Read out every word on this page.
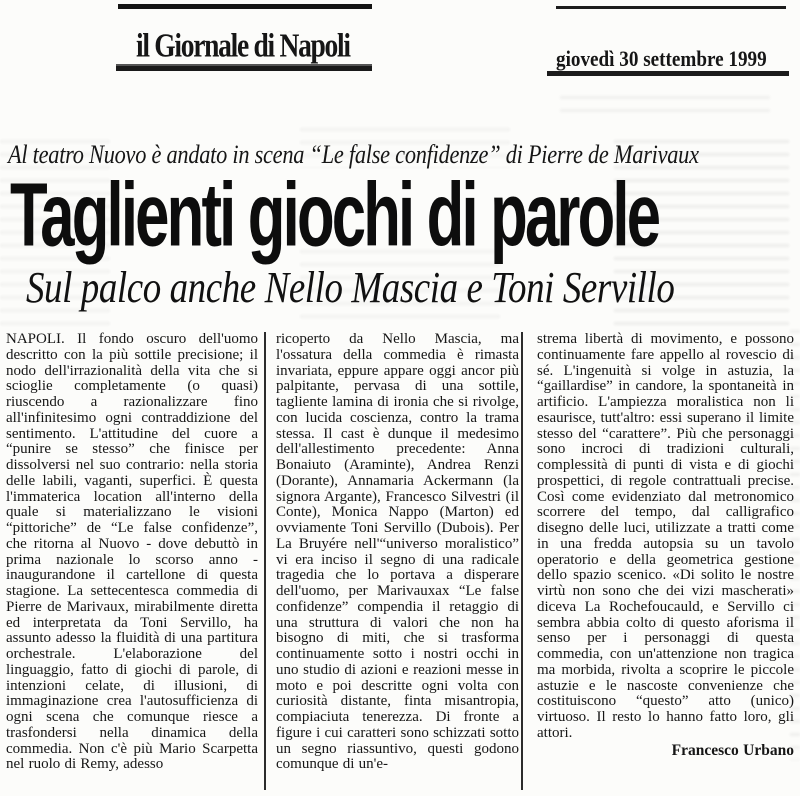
il Giornale di Napoli	giovedì 30 settembre 1999
Al teatro Nuovo è andato in scena “Le false confidenze” di Pierre de Marivaux
Taglienti giochi di parole
Sul palco anche Nello Mascia e Toni Servillo
NAPOLI. Il fondo oscuro dell'uomo descritto con la più sottile precisione; il nodo dell'irrazionalità della vita che si scioglie completamente (o quasi) riuscendo a razionalizzare fino all'infinitesimo ogni contraddizione del sentimento. L'attitudine del cuore a “punire se stesso” che finisce per dissolversi nel suo contrario: nella storia delle labili, vaganti, superfici. È questa l'immaterica location all'interno della quale si materializzano le visioni “pittoriche” de “Le false confidenze”, che ritorna al Nuovo - dove debuttò in prima nazionale lo scorso anno - inaugurandone il cartellone di questa stagione. La settecentesca commedia di Pierre de Marivaux, mirabilmente diretta ed interpretata da Toni Servillo, ha assunto adesso la fluidità di una partitura orchestrale. L'elaborazione del linguaggio, fatto di giochi di parole, di intenzioni celate, di illusioni, di immaginazione crea l'autosufficienza di ogni scena che comunque riesce a trasfondersi nella dinamica della commedia. Non c'è più Mario Scarpetta nel ruolo di Remy, adesso
ricoperto da Nello Mascia, ma l'ossatura della commedia è rimasta invariata, eppure appare oggi ancor più palpitante, pervasa di una sottile, tagliente lamina di ironia che si rivolge, con lucida coscienza, contro la trama stessa. Il cast è dunque il medesimo dell'allestimento precedente: Anna Bonaiuto (Araminte), Andrea Renzi (Dorante), Annamaria Ackermann (la signora Argante), Francesco Silvestri (il Conte), Monica Nappo (Marton) ed ovviamente Toni Servillo (Dubois). Per La Bruyére nell'“universo moralistico” vi era inciso il segno di una radicale tragedia che lo portava a disperare dell'uomo, per Marivauxax “Le false confidenze” compendia il retaggio di una struttura di valori che non ha bisogno di miti, che si trasforma continuamente sotto i nostri occhi in uno studio di azioni e reazioni messe in moto e poi descritte ogni volta con curiosità distante, finta misantropia, compiaciuta tenerezza. Di fronte a figure i cui caratteri sono schizzati sotto un segno riassuntivo, questi godono comunque di un'e-
strema libertà di movimento, e possono continuamente fare appello al rovescio di sé. L'ingenuità si volge in astuzia, la “gaillardise” in candore, la spontaneità in artificio. L'ampiezza moralistica non li esaurisce, tutt'altro: essi superano il limite stesso del “carattere”. Più che personaggi sono incroci di tradizioni culturali, complessità di punti di vista e di giochi prospettici, di regole contrattuali precise. Così come evidenziato dal metronomico scorrere del tempo, dal calligrafico disegno delle luci, utilizzate a tratti come in una fredda autopsia su un tavolo operatorio e della geometrica gestione dello spazio scenico. «Di solito le nostre virtù non sono che dei vizi mascherati» diceva La Rochefoucauld, e Servillo ci sembra abbia colto di questo aforisma il senso per i personaggi di questa commedia, con un'attenzione non tragica ma morbida, rivolta a scoprire le piccole astuzie e le nascoste convenienze che costituiscono “questo” atto (unico) virtuoso. Il resto lo hanno fatto loro, gli attori.
Francesco Urbano
